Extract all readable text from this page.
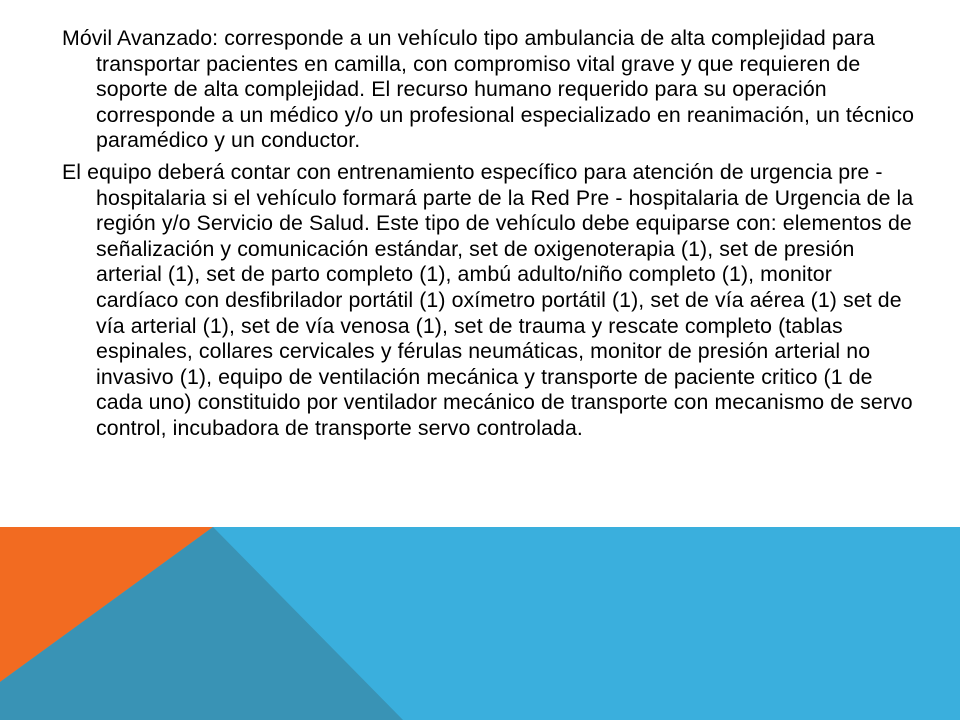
Móvil Avanzado: corresponde a un vehículo tipo ambulancia de alta complejidad para transportar pacientes en camilla, con compromiso vital grave y que requieren de soporte de alta complejidad. El recurso humano requerido para su operación corresponde a un médico y/o un profesional especializado en reanimación, un técnico paramédico y un conductor.

El equipo deberá contar con entrenamiento específico para atención de urgencia pre - hospitalaria si el vehículo formará parte de la Red Pre - hospitalaria de Urgencia de la región y/o Servicio de Salud. Este tipo de vehículo debe equiparse con: elementos de señalización y comunicación estándar, set de oxigenoterapia (1), set de presión arterial (1), set de parto completo (1), ambú adulto/niño completo (1), monitor cardíaco con desfibrilador portátil (1) oxímetro portátil (1), set de vía aérea (1) set de vía arterial (1), set de vía venosa (1), set de trauma y rescate completo (tablas espinales, collares cervicales y férulas neumáticas, monitor de presión arterial no invasivo (1), equipo de ventilación mecánica y transporte de paciente critico (1 de cada uno) constituido por ventilador mecánico de transporte con mecanismo de servo control, incubadora de transporte servo controlada.
